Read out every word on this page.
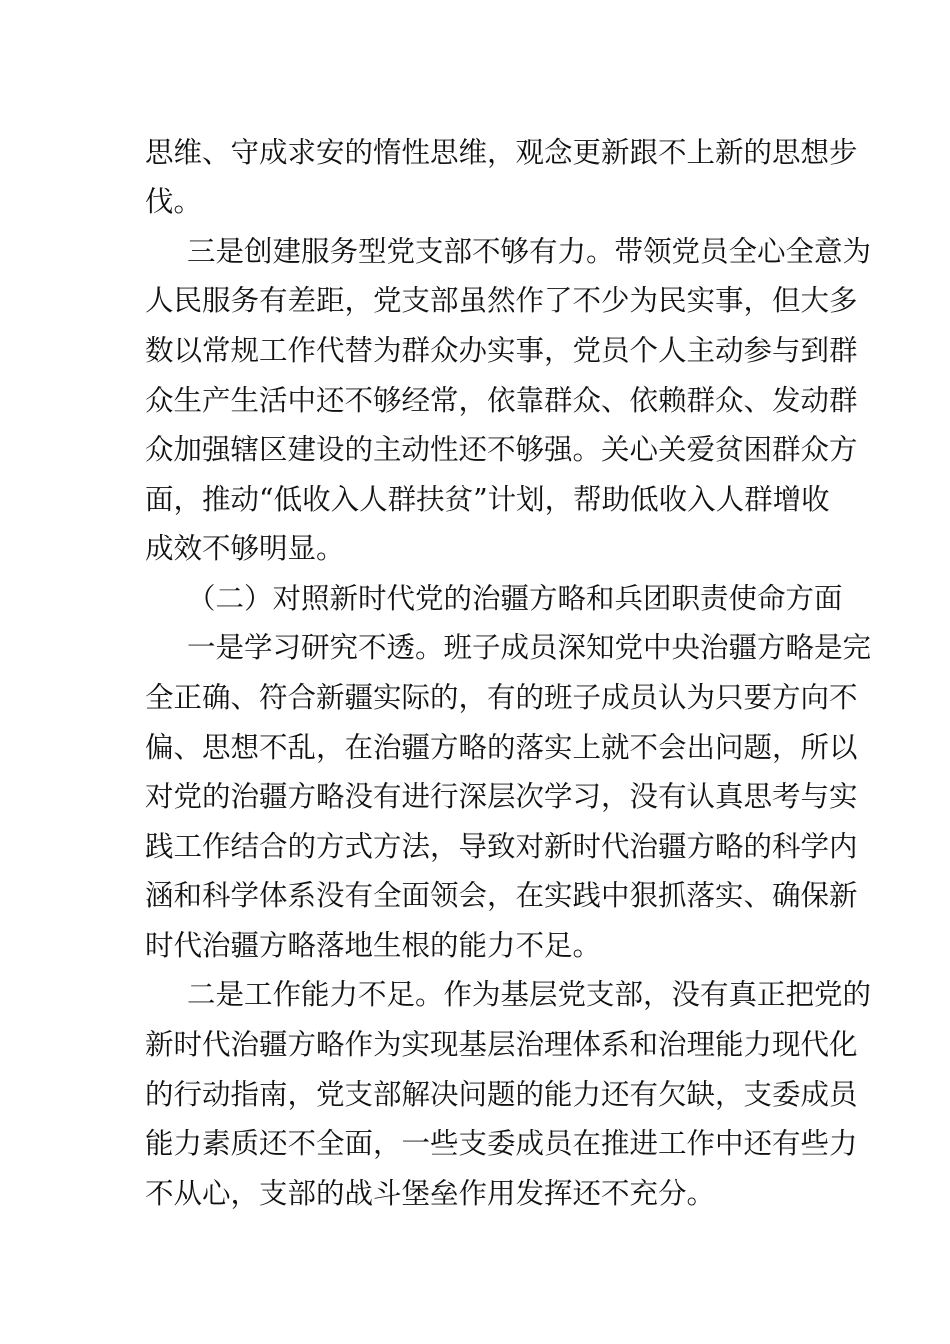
思维、守成求安的惰性思维，观念更新跟不上新的思想步
伐。
三是创建服务型党支部不够有力。带领党员全心全意为
人民服务有差距，党支部虽然作了不少为民实事，但大多
数以常规工作代替为群众办实事，党员个人主动参与到群
众生产生活中还不够经常，依靠群众、依赖群众、发动群
众加强辖区建设的主动性还不够强。关心关爱贫困群众方
面，推动“低收入人群扶贫”计划，帮助低收入人群增收
成效不够明显。
（二）对照新时代党的治疆方略和兵团职责使命方面
一是学习研究不透。班子成员深知党中央治疆方略是完
全正确、符合新疆实际的，有的班子成员认为只要方向不
偏、思想不乱，在治疆方略的落实上就不会出问题，所以
对党的治疆方略没有进行深层次学习，没有认真思考与实
践工作结合的方式方法，导致对新时代治疆方略的科学内
涵和科学体系没有全面领会，在实践中狠抓落实、确保新
时代治疆方略落地生根的能力不足。
二是工作能力不足。作为基层党支部，没有真正把党的
新时代治疆方略作为实现基层治理体系和治理能力现代化
的行动指南，党支部解决问题的能力还有欠缺，支委成员
能力素质还不全面，一些支委成员在推进工作中还有些力
不从心，支部的战斗堡垒作用发挥还不充分。
